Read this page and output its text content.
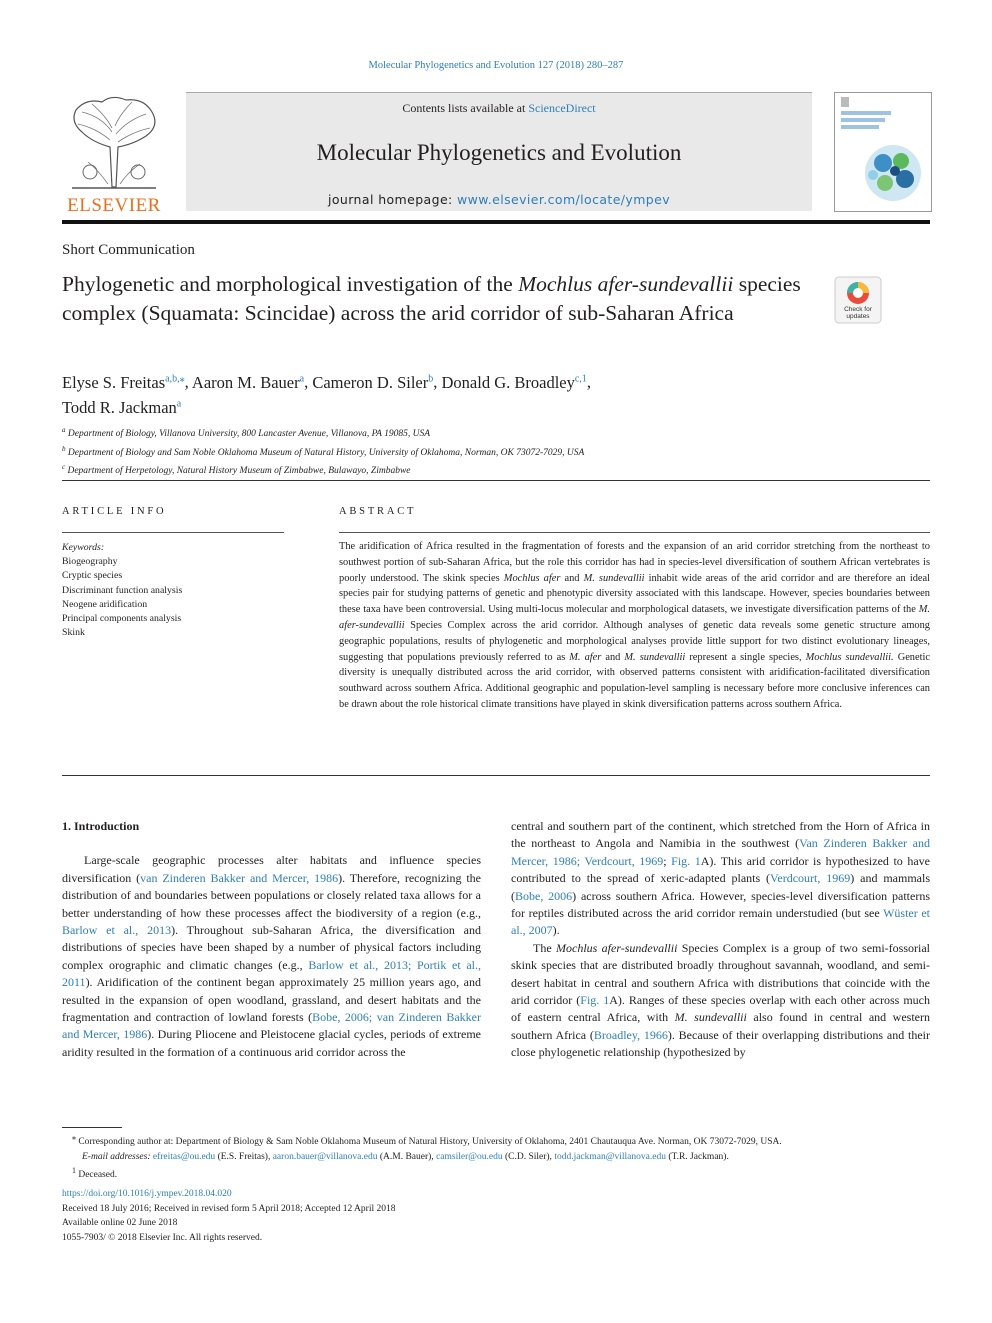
Molecular Phylogenetics and Evolution 127 (2018) 280–287
ELSEVIER
Contents lists available at ScienceDirect
Molecular Phylogenetics and Evolution
journal homepage: www.elsevier.com/locate/ympev
Short Communication
Phylogenetic and morphological investigation of the Mochlus afer-sundevallii species complex (Squamata: Scincidae) across the arid corridor of sub-Saharan Africa	Check for
updates
Elyse S. Freitas$^{a,b,⁎}$, Aaron M. Bauer$^a$, Cameron D. Siler$^b$, Donald G. Broadley$^{c,1}$,
Todd R. Jackman$^a$
$^a$ Department of Biology, Villanova University, 800 Lancaster Avenue, Villanova, PA 19085, USA
$^b$ Department of Biology and Sam Noble Oklahoma Museum of Natural History, University of Oklahoma, Norman, OK 73072-7029, USA
$^c$ Department of Herpetology, Natural History Museum of Zimbabwe, Bulawayo, Zimbabwe
ARTICLE INFO
Keywords:
Biogeography
Cryptic species
Discriminant function analysis
Neogene aridification
Principal components analysis
Skink
ABSTRACT
The aridification of Africa resulted in the fragmentation of forests and the expansion of an arid corridor stretching from the northeast to southwest portion of sub-Saharan Africa, but the role this corridor has had in species-level diversification of southern African vertebrates is poorly understood. The skink species Mochlus afer and M. sundevallii inhabit wide areas of the arid corridor and are therefore an ideal species pair for studying patterns of genetic and phenotypic diversity associated with this landscape. However, species boundaries between these taxa have been controversial. Using multi-locus molecular and morphological datasets, we investigate diversification patterns of the M. afer-sundevallii Species Complex across the arid corridor. Although analyses of genetic data reveals some genetic structure among geographic populations, results of phylogenetic and morphological analyses provide little support for two distinct evolutionary lineages, suggesting that populations previously referred to as M. afer and M. sundevallii represent a single species, Mochlus sundevallii. Genetic diversity is unequally distributed across the arid corridor, with observed patterns consistent with aridification-facilitated diversification southward across southern Africa. Additional geographic and population-level sampling is necessary before more conclusive inferences can be drawn about the role historical climate transitions have played in skink diversification patterns across southern Africa.

1. Introduction

Large-scale geographic processes alter habitats and influence species diversification (van Zinderen Bakker and Mercer, 1986). Therefore, recognizing the distribution of and boundaries between populations or closely related taxa allows for a better understanding of how these processes affect the biodiversity of a region (e.g., Barlow et al., 2013). Throughout sub-Saharan Africa, the diversification and distributions of species have been shaped by a number of physical factors including complex orographic and climatic changes (e.g., Barlow et al., 2013; Portik et al., 2011). Aridification of the continent began approximately 25 million years ago, and resulted in the expansion of open woodland, grassland, and desert habitats and the fragmentation and contraction of lowland forests (Bobe, 2006; van Zinderen Bakker and Mercer, 1986). During Pliocene and Pleistocene glacial cycles, periods of extreme aridity resulted in the formation of a continuous arid corridor across the

central and southern part of the continent, which stretched from the Horn of Africa in the northeast to Angola and Namibia in the southwest (Van Zinderen Bakker and Mercer, 1986; Verdcourt, 1969; Fig. 1A). This arid corridor is hypothesized to have contributed to the spread of xeric-adapted plants (Verdcourt, 1969) and mammals (Bobe, 2006) across southern Africa. However, species-level diversification patterns for reptiles distributed across the arid corridor remain understudied (but see Wüster et al., 2007).

The Mochlus afer-sundevallii Species Complex is a group of two semi-fossorial skink species that are distributed broadly throughout savannah, woodland, and semi-desert habitat in central and southern Africa with distributions that coincide with the arid corridor (Fig. 1A). Ranges of these species overlap with each other across much of eastern central Africa, with M. sundevallii also found in central and western southern Africa (Broadley, 1966). Because of their overlapping distributions and their close phylogenetic relationship (hypothesized by

⁎ Corresponding author at: Department of Biology & Sam Noble Oklahoma Museum of Natural History, University of Oklahoma, 2401 Chautauqua Ave. Norman, OK 73072-7029, USA.
E-mail addresses: efreitas@ou.edu (E.S. Freitas), aaron.bauer@villanova.edu (A.M. Bauer), camsiler@ou.edu (C.D. Siler), todd.jackman@villanova.edu (T.R. Jackman).
$^1$ Deceased.
https://doi.org/10.1016/j.ympev.2018.04.020
Received 18 July 2016; Received in revised form 5 April 2018; Accepted 12 April 2018
Available online 02 June 2018
1055-7903/ © 2018 Elsevier Inc. All rights reserved.
